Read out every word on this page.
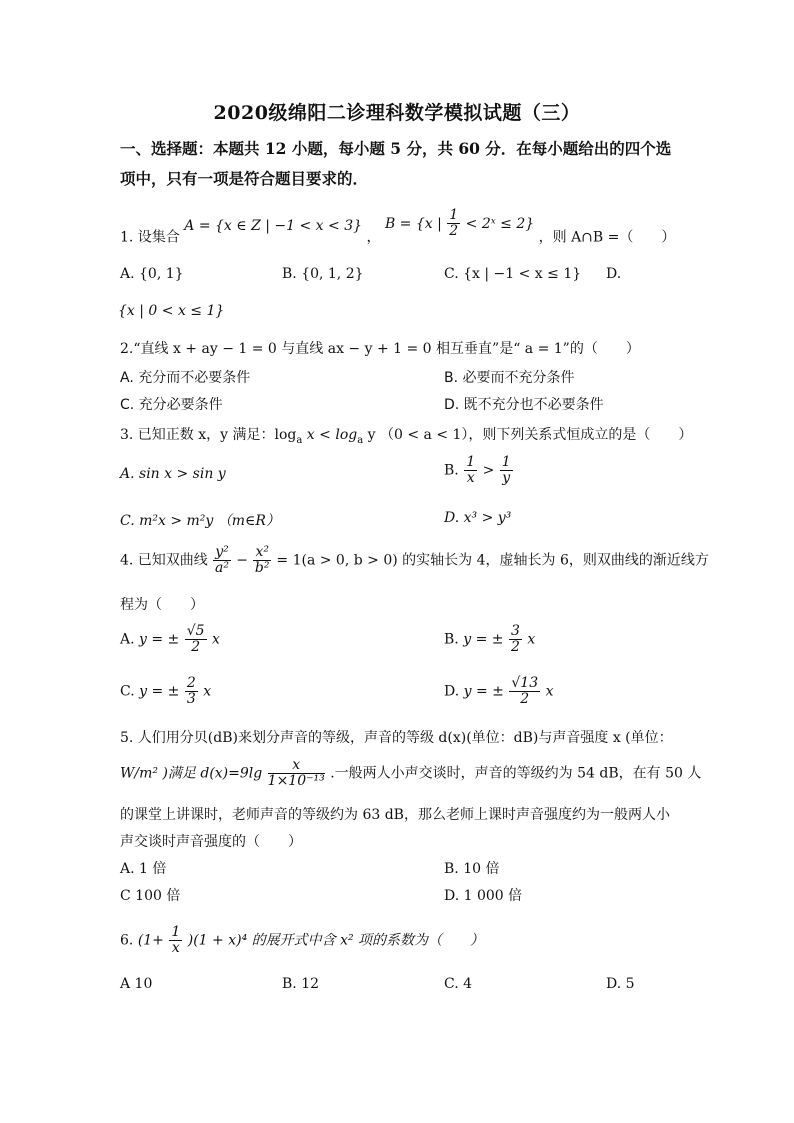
2020级绵阳二诊理科数学模拟试题（三）
一、选择题：本题共 12 小题，每小题 5 分，共 60 分．在每小题给出的四个选
项中，只有一项是符合题目要求的．
1. 设集合 A = {x ∈ Z | −1 < x < 3} ， B = {x | $\frac{1}{2}$ < 2ˣ ≤ 2} ，则 A∩B =（　　）
A. {0, 1}	B. {0, 1, 2}	C. {x | −1 < x ≤ 1} D.
{x | 0 < x ≤ 1}
2.“直线 x + ay − 1 = 0 与直线 ax − y + 1 = 0 相互垂直”是“ a = 1”的（　　）
A. 充分而不必要条件	B. 必要而不充分条件
C. 充分必要条件	D. 既不充分也不必要条件
3. 已知正数 x，y 满足：$\log_a x < \log_a y$ （0 < a < 1），则下列关系式恒成立的是（　　）
A. sin x > sin y	B. $\frac{1}{x} > \frac{1}{y}$
C. m²x > m²y （m∈R）	D. x³ > y³
4. 已知双曲线 $\frac{\text{y²}}{\text{a²}} - \frac{\text{x²}}{\text{b²}} = 1(a > 0$, b > 0) 的实轴长为 4，虚轴长为 6，则双曲线的渐近线方
程为（　　）
A. y = ± $\frac{√5}{2}$ x	B. y = ± $\frac{3}{2}$ x
C. y = ± $\frac{2}{3}$ x	D. y = ± $\frac{√13}{2}$ x
5. 人们用分贝(dB)来划分声音的等级，声音的等级 d(x)(单位：dB)与声音强度 x (单位：
W/m² )满足 $d(x)=9\lg \frac{x}{\text{1×10⁻¹³}}$ .一般两人小声交谈时，声音的等级约为 54 dB，在有 50 人
的课堂上讲课时，老师声音的等级约为 63 dB，那么老师上课时声音强度约为一般两人小
声交谈时声音强度的（　　）
A. 1 倍	B. 10 倍
C 100 倍	D. 1 000 倍
6. $(1+ \frac{1}{x} )(1 + x)^4$ 的展开式中含 x² 项的系数为（　　）
A 10	B. 12	C. 4	D. 5
